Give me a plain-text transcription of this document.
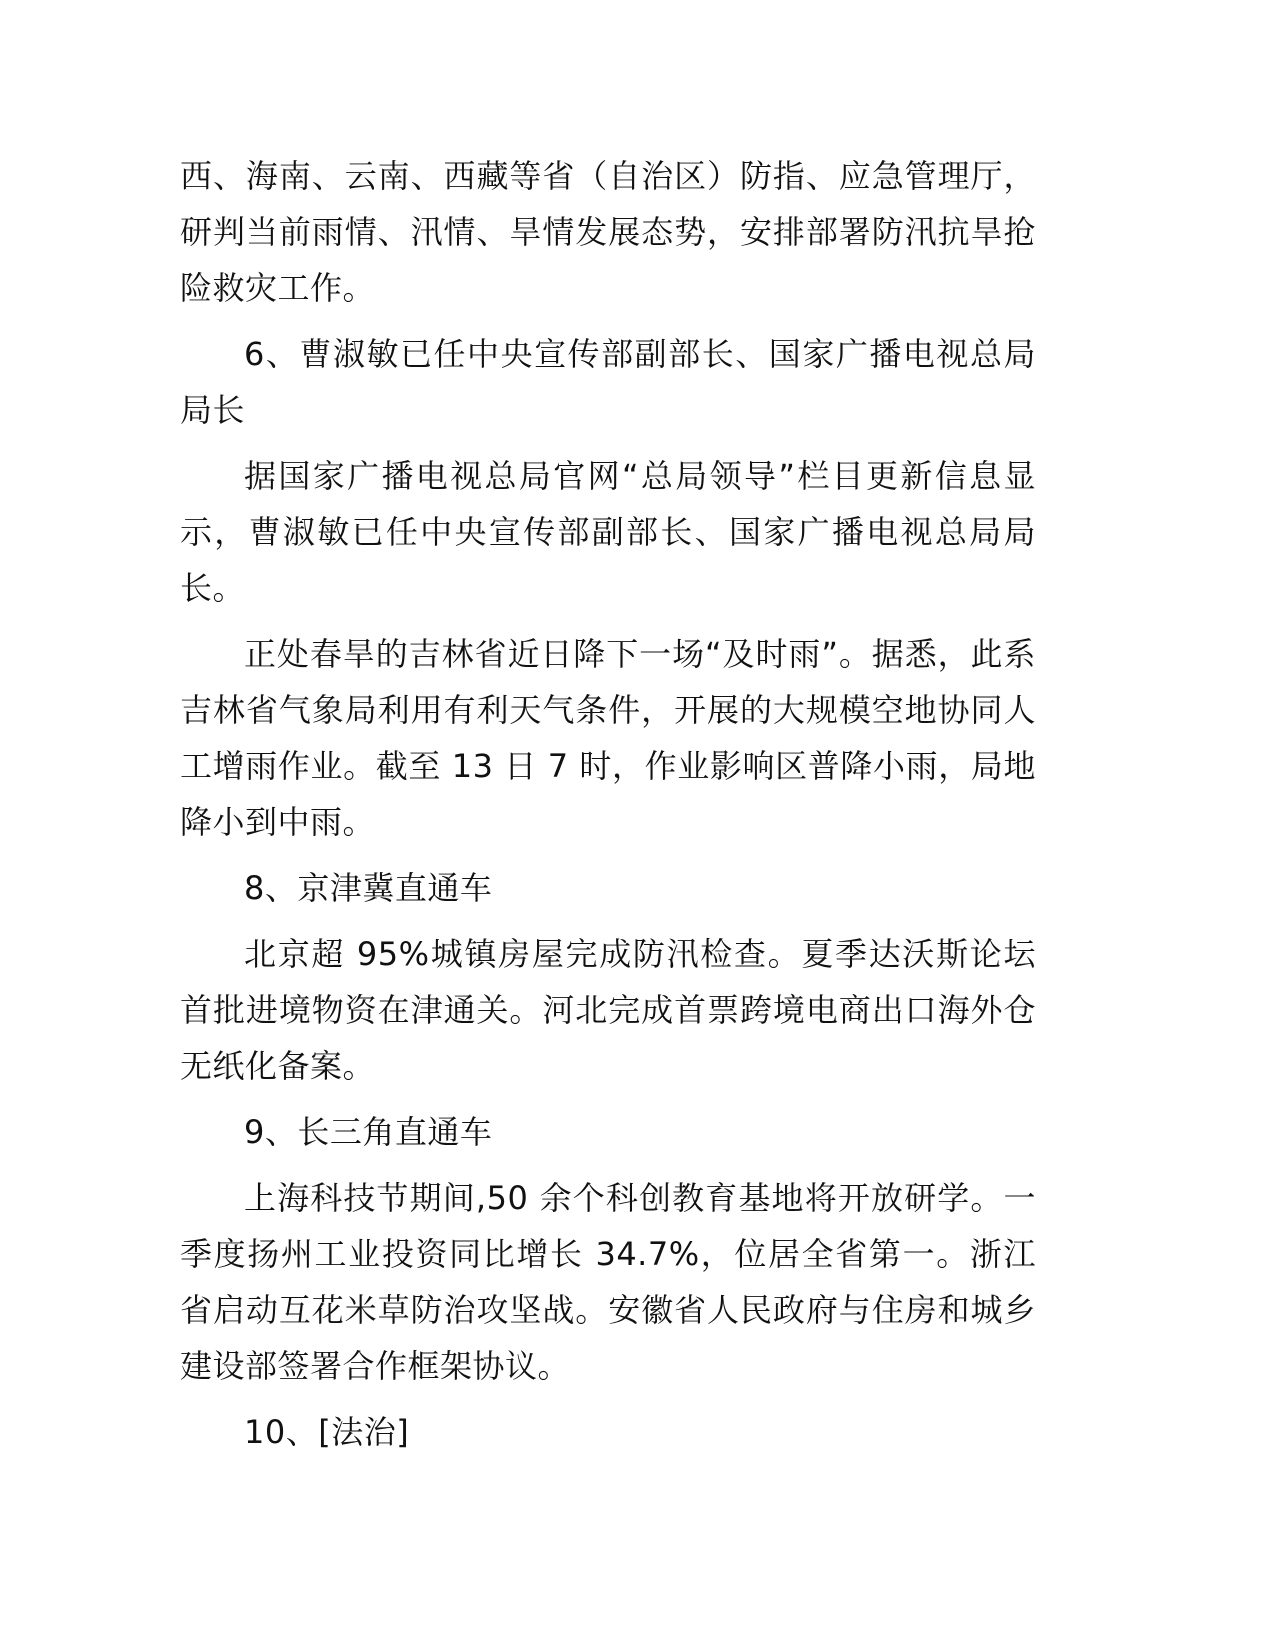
西、海南、云南、西藏等省（自治区）防指、应急管理厅，研判当前雨情、汛情、旱情发展态势，安排部署防汛抗旱抢险救灾工作。

6、曹淑敏已任中央宣传部副部长、国家广播电视总局局长

据国家广播电视总局官网“总局领导”栏目更新信息显示，曹淑敏已任中央宣传部副部长、国家广播电视总局局长。

正处春旱的吉林省近日降下一场“及时雨”。据悉，此系吉林省气象局利用有利天气条件，开展的大规模空地协同人工增雨作业。截至 13 日 7 时，作业影响区普降小雨，局地降小到中雨。

8、京津冀直通车

北京超 95%城镇房屋完成防汛检查。夏季达沃斯论坛首批进境物资在津通关。河北完成首票跨境电商出口海外仓无纸化备案。

9、长三角直通车

上海科技节期间,50 余个科创教育基地将开放研学。一季度扬州工业投资同比增长 34.7%，位居全省第一。浙江省启动互花米草防治攻坚战。安徽省人民政府与住房和城乡建设部签署合作框架协议。

10、[法治]
